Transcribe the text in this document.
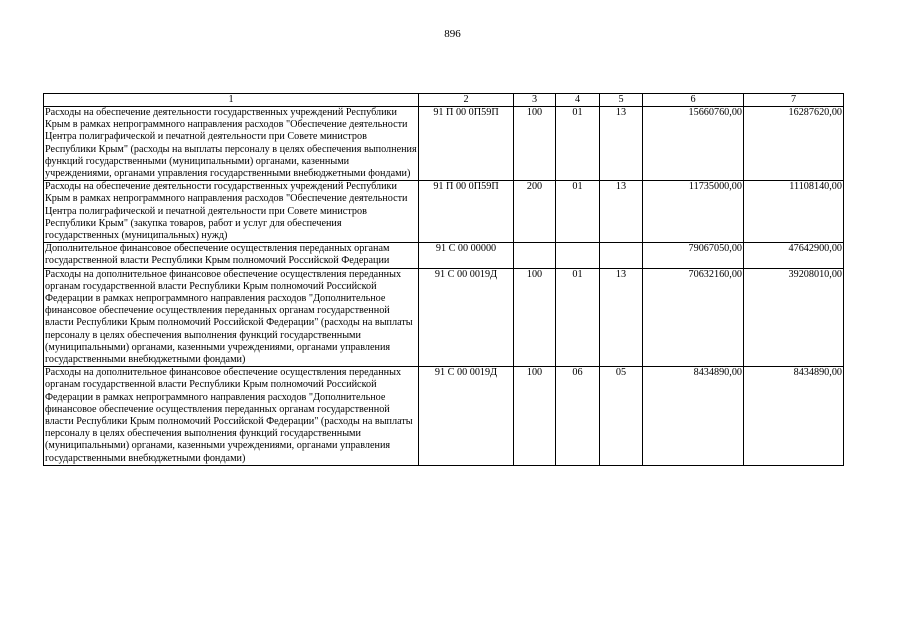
896
1	2	3	4	5	6	7
Расходы на обеспечение деятельности государственных учреждений Республики Крым в рамках непрограммного направления расходов "Обеспечение деятельности Центра полиграфической и печатной деятельности при Совете министров Республики Крым" (расходы на выплаты персоналу в целях обеспечения выполнения функций государственными (муниципальными) органами, казенными учреждениями, органами управления государственными внебюджетными фондами)	91 П 00 0П59П	100	01	13	15660760,00	16287620,00
Расходы на обеспечение деятельности государственных учреждений Республики Крым в рамках непрограммного направления расходов "Обеспечение деятельности Центра полиграфической и печатной деятельности при Совете министров Республики Крым" (закупка товаров, работ и услуг для обеспечения государственных (муниципальных) нужд)	91 П 00 0П59П	200	01	13	11735000,00	11108140,00
Дополнительное финансовое обеспечение осуществления переданных органам государственной власти Республики Крым полномочий Российской Федерации	91 С 00 00000				79067050,00	47642900,00
Расходы на дополнительное финансовое обеспечение осуществления переданных органам государственной власти Республики Крым полномочий Российской Федерации в рамках непрограммного направления расходов "Дополнительное финансовое обеспечение осуществления переданных органам государственной власти Республики Крым полномочий Российской Федерации" (расходы на выплаты персоналу в целях обеспечения выполнения функций государственными (муниципальными) органами, казенными учреждениями, органами управления государственными внебюджетными фондами)	91 С 00 0019Д	100	01	13	70632160,00	39208010,00
Расходы на дополнительное финансовое обеспечение осуществления переданных органам государственной власти Республики Крым полномочий Российской Федерации в рамках непрограммного направления расходов "Дополнительное финансовое обеспечение осуществления переданных органам государственной власти Республики Крым полномочий Российской Федерации" (расходы на выплаты персоналу в целях обеспечения выполнения функций государственными (муниципальными) органами, казенными учреждениями, органами управления государственными внебюджетными фондами)	91 С 00 0019Д	100	06	05	8434890,00	8434890,00
